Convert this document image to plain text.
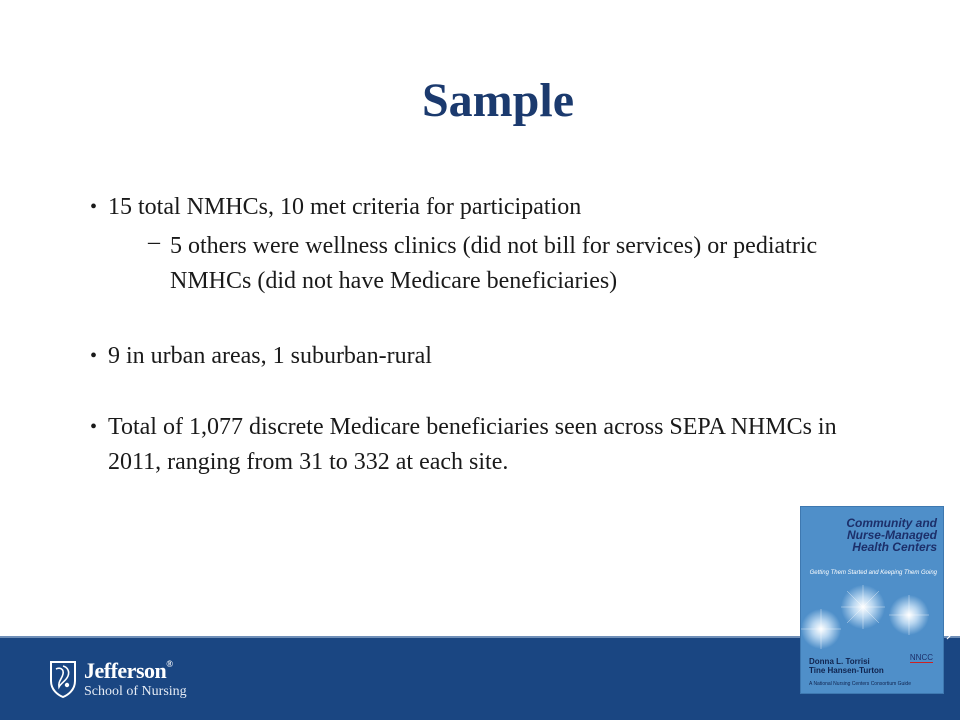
Sample
• 15 total NMHCs, 10 met criteria for participation
– 5 others were wellness clinics (did not bill for services) or pediatric NMHCs (did not have Medicare beneficiaries)
• 9 in urban areas, 1 suburban-rural
• Total of 1,077 discrete Medicare beneficiaries seen across SEPA NHMCs in 2011, ranging from 31 to 332 at each site.
Jefferson®
School of Nursing
Community and
Nurse-Managed
Health Centers
Getting Them Started and Keeping Them Going
Donna L. Torrisi
Tine Hansen-Turton
NNCC
A National Nursing Centers Consortium Guide
